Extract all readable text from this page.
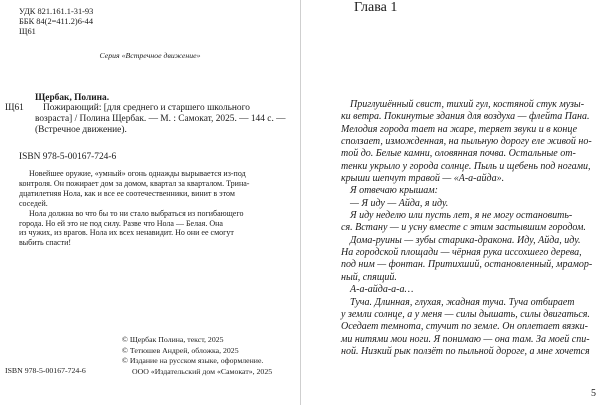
УДК 821.161.1-31-93
ББК 84(2=411.2)6-44
Щ61
Серия «Встречное движение»
Щербак, Полина.
Щ61	Пожирающий: [для среднего и старшего школьного
возраста] / Полина Щербак. — М. : Самокат, 2025. — 144 с. —
(Встречное движение).
ISBN 978-5-00167-724-6
Новейшее оружие, «умный» огонь однажды вырывается из-под
контроля. Он пожирает дом за домом, квартал за кварталом. Трина-
дцатилетняя Нола, как и все ее соотечественники, винит в этом
соседей.
Нола должна во что бы то ни стало выбраться из погибающего
города. Но ей это не под силу. Разве что Нола — Белая. Она
из чужих, из врагов. Нола их всех ненавидит. Но они ее смогут
выбить спасти!
© Щербак Полина, текст, 2025
© Тетюшев Андрей, обложка, 2025
© Издание на русском языке, оформление.
ООО «Издательский дом «Самокат», 2025
ISBN 978-5-00167-724-6
Глава 1
Приглушённый свист, тихий гул, костяной стук музы-
ки ветра. Покинутые здания для воздуха — флейта Пана.
Мелодия города тает на жаре, теряет звуки и в конце
сползает, изможденная, на пыльную дорогу еле живой но-
той до. Белые камни, оловянная почва. Остальные от-
тенки укрыло у города солнце. Пыль и щебень под ногами,
крыши шепчут травой — «А-а-айда».
Я отвечаю крышам:
— Я иду — Айда, я иду.
Я иду неделю или пусть лет, я не могу остановить-
ся. Встану — и усну вместе с этим застывшим городом.
Дома-руины — зубы старика-дракона. Иду, Айда, иду.
На городской площади — чёрная рука иссохшего дерева,
под ним — фонтан. Притихший, остановленный, мрамор-
ный, спящий.
А-а-айда-а-а…
Туча. Длинная, глухая, жадная туча. Туча отбирает
у земли солнце, а у меня — силы дышать, силы двигаться.
Оседает темнота, стучит по земле. Он оплетает вязки-
ми нитями мои ноги. Я понимаю — она там. За моей спи-
ной. Низкий рык ползёт по пыльной дороге, а мне хочется
5
